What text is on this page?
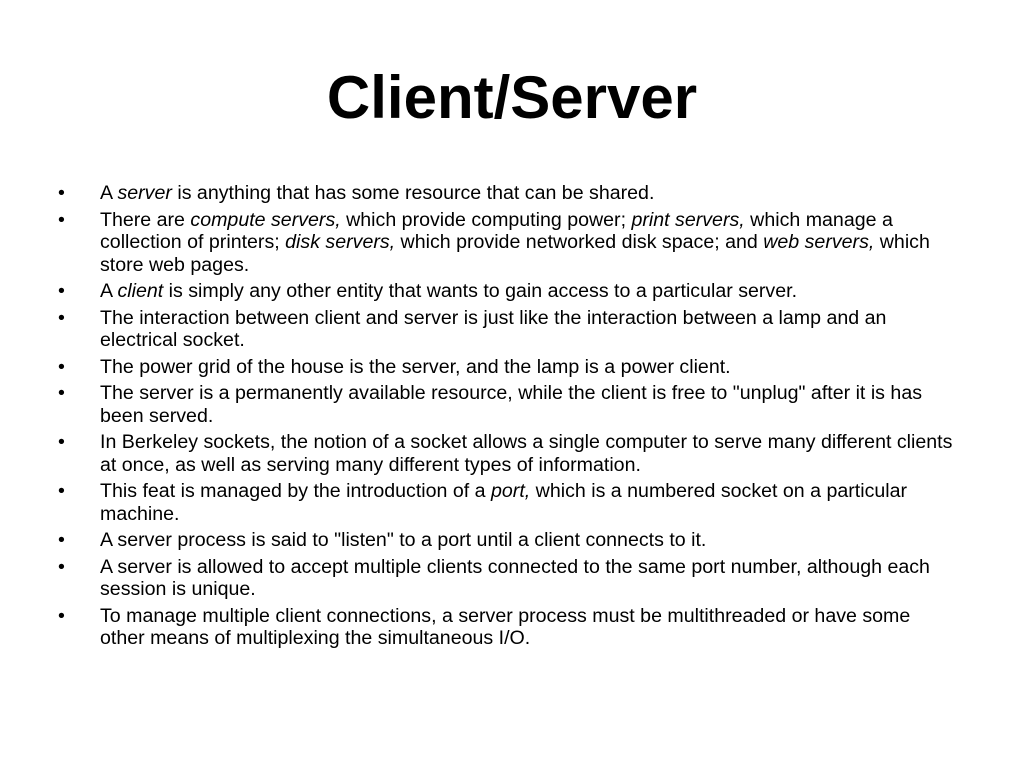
Client/Server
•	A server is anything that has some resource that can be shared.
•	There are compute servers, which provide computing power; print servers, which manage a collection of printers; disk servers, which provide networked disk space; and web servers, which store web pages.
•	A client is simply any other entity that wants to gain access to a particular server.
•	The interaction between client and server is just like the interaction between a lamp and an electrical socket.
•	The power grid of the house is the server, and the lamp is a power client.
•	The server is a permanently available resource, while the client is free to "unplug" after it is has been served.
•	In Berkeley sockets, the notion of a socket allows a single computer to serve many different clients at once, as well as serving many different types of information.
•	This feat is managed by the introduction of a port, which is a numbered socket on a particular machine.
•	A server process is said to "listen" to a port until a client connects to it.
•	A server is allowed to accept multiple clients connected to the same port number, although each session is unique.
•	To manage multiple client connections, a server process must be multithreaded or have some other means of multiplexing the simultaneous I/O.
